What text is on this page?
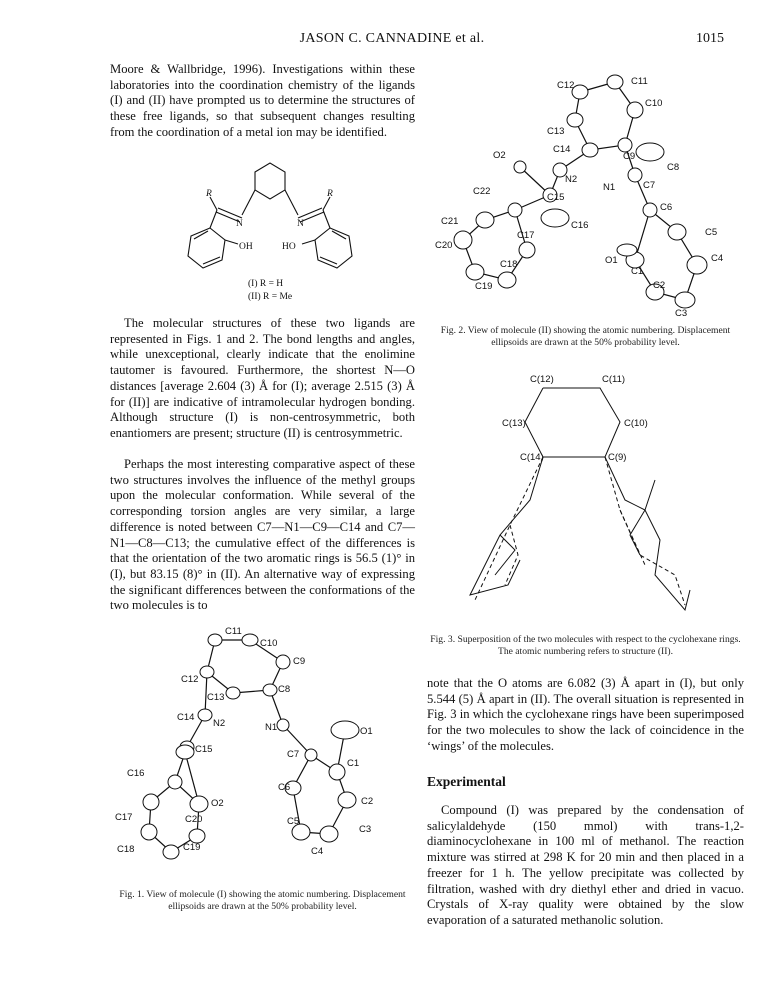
JASON C. CANNADINE et al.	1015

Moore & Wallbridge, 1996). Investigations within these laboratories into the coordination chemistry of the ligands (I) and (II) have prompted us to determine the structures of these free ligands, so that subsequent changes resulting from the coordination of a metal ion may be identified.

R	R
N	N
OH	HO
(I) R = H
(II) R = Me

The molecular structures of these two ligands are represented in Figs. 1 and 2. The bond lengths and angles, while unexceptional, clearly indicate that the enolimine tautomer is favoured. Furthermore, the shortest N—O distances [average 2.604 (3) Å for (I); average 2.515 (3) Å for (II)] are indicative of intramolecular hydrogen bonding. Although structure (I) is non-centrosymmetric, both enantiomers are present; structure (II) is centrosymmetric.

Perhaps the most interesting comparative aspect of these two structures involves the influence of the methyl groups upon the molecular conformation. While several of the corresponding torsion angles are very similar, a large difference is noted between C7—N1—C9—C14 and C7—N1—C8—C13; the cumulative effect of the differences is that the orientation of the two aromatic rings is 56.5 (1)° in (I), but 83.15 (8)° in (II). An alternative way of expressing the significant differences between the conformations of the two molecules is to

C11
C10
C9
C12
C13
C8
C14
N2	N1	O1
C15	C7
C1
C16
O2
C20
C6
C2
C17
C3
C19
C5
C18	C4
Fig. 1. View of molecule (I) showing the atomic numbering. Displacement ellipsoids are drawn at the 50% probability level.
C12	C11
C10
C13
C14
C9
O2
C8
N2
N1	C7
C22
C15
C6
C21	C16
C5
C17
C20
C4
C18	O1
C1
C19	C2
C3
Fig. 2. View of molecule (II) showing the atomic numbering. Displacement ellipsoids are drawn at the 50% probability level.
C(12)	C(11)
C(13)	C(10)
C(14)	C(9)
Fig. 3. Superposition of the two molecules with respect to the cyclohexane rings. The atomic numbering refers to structure (II).

note that the O atoms are 6.082 (3) Å apart in (I), but only 5.544 (5) Å apart in (II). The overall situation is represented in Fig. 3 in which the cyclohexane rings have been superimposed for the two molecules to show the lack of coincidence in the ‘wings’ of the molecules.

Experimental

Compound (I) was prepared by the condensation of salicylaldehyde (150 mmol) with trans-1,2-diaminocyclohexane in 100 ml of methanol. The reaction mixture was stirred at 298 K for 20 min and then placed in a freezer for 1 h. The yellow precipitate was collected by filtration, washed with dry diethyl ether and dried in vacuo. Crystals of X-ray quality were obtained by the slow evaporation of a saturated methanolic solution.
